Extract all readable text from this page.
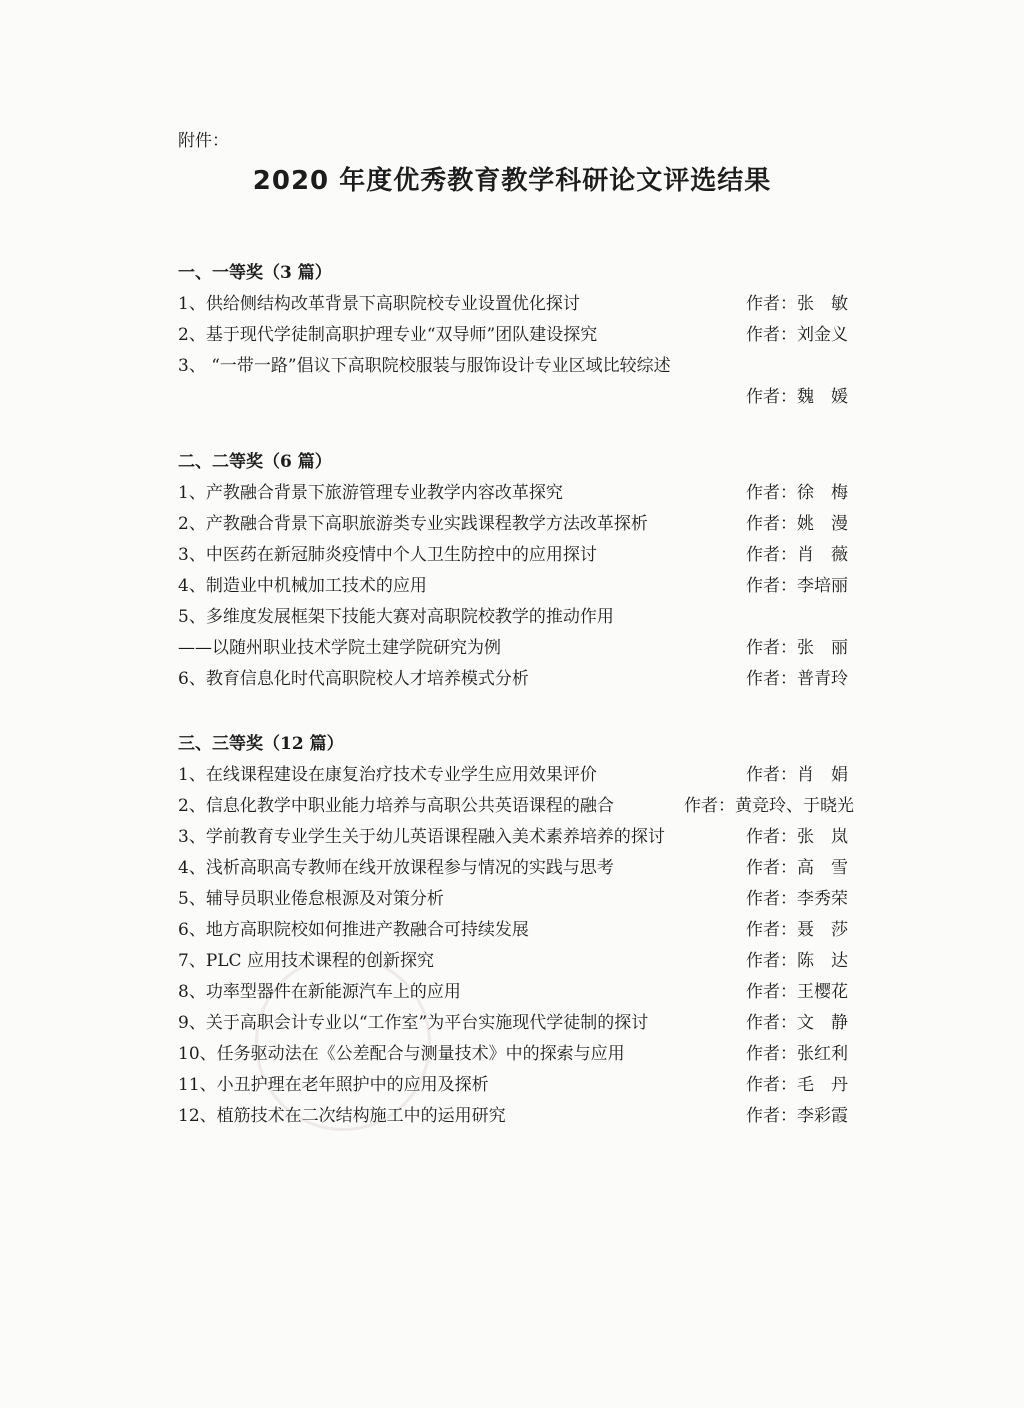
附件：
2020 年度优秀教育教学科研论文评选结果
一、一等奖（3 篇）
1、供给侧结构改革背景下高职院校专业设置优化探讨	作者：张　敏
2、基于现代学徒制高职护理专业“双导师”团队建设探究	作者：刘金义
3、 “一带一路”倡议下高职院校服装与服饰设计专业区域比较综述
作者：魏　媛
二、二等奖（6 篇）
1、产教融合背景下旅游管理专业教学内容改革探究	作者：徐　梅
2、产教融合背景下高职旅游类专业实践课程教学方法改革探析	作者：姚　漫
3、中医药在新冠肺炎疫情中个人卫生防控中的应用探讨	作者：肖　薇
4、制造业中机械加工技术的应用	作者：李培丽
5、多维度发展框架下技能大赛对高职院校教学的推动作用
——以随州职业技术学院土建学院研究为例	作者：张　丽
6、教育信息化时代高职院校人才培养模式分析	作者：普青玲
三、三等奖（12 篇）
1、在线课程建设在康复治疗技术专业学生应用效果评价	作者：肖　娟
2、信息化教学中职业能力培养与高职公共英语课程的融合	作者：黄竞玲、于晓光
3、学前教育专业学生关于幼儿英语课程融入美术素养培养的探讨	作者：张　岚
4、浅析高职高专教师在线开放课程参与情况的实践与思考	作者：高　雪
5、辅导员职业倦怠根源及对策分析	作者：李秀荣
6、地方高职院校如何推进产教融合可持续发展	作者：聂　莎
7、PLC 应用技术课程的创新探究	作者：陈　达
8、功率型器件在新能源汽车上的应用	作者：王樱花
9、关于高职会计专业以“工作室”为平台实施现代学徒制的探讨	作者：文　静
10、任务驱动法在《公差配合与测量技术》中的探索与应用	作者：张红利
11、小丑护理在老年照护中的应用及探析	作者：毛　丹
12、植筋技术在二次结构施工中的运用研究	作者：李彩霞
